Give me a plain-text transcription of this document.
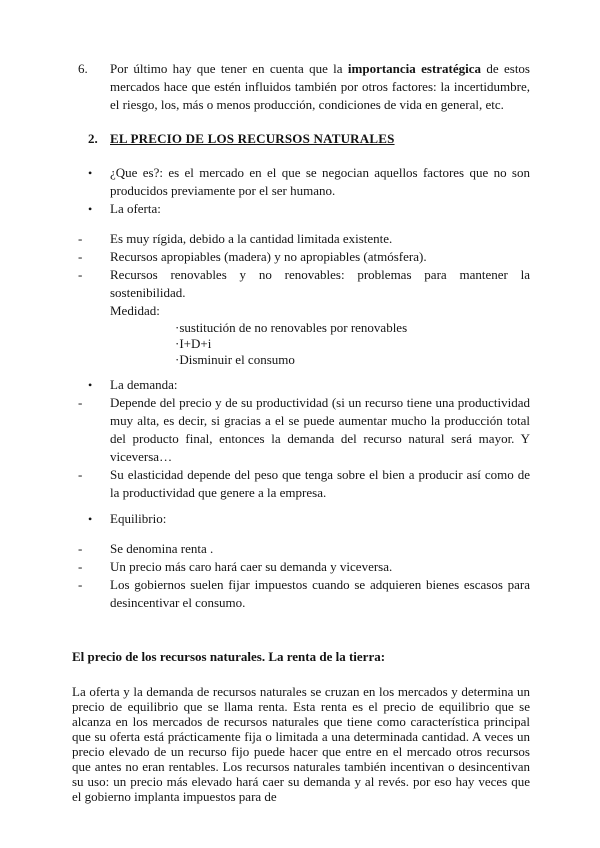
6.	Por último hay que tener en cuenta que la importancia estratégica de estos mercados hace que estén influidos también por otros factores: la incertidumbre, el riesgo, los, más o menos producción, condiciones de vida en general, etc.
2. EL PRECIO DE LOS RECURSOS NATURALES
•	¿Que es?: es el mercado en el que se negocian aquellos factores que no son producidos previamente por el ser humano.
•	La oferta:
-	Es muy rígida, debido a la cantidad limitada existente.
-	Recursos apropiables (madera) y no apropiables (atmósfera).
-	Recursos renovables y no renovables: problemas para mantener la sostenibilidad.
Medidad:
·sustitución de no renovables por renovables
·I+D+i
·Disminuir el consumo
•	La demanda:
-	Depende del precio y de su productividad (si un recurso tiene una productividad muy alta, es decir, si gracias a el se puede aumentar mucho la producción total del producto final, entonces la demanda del recurso natural será mayor. Y viceversa…
-	Su elasticidad depende del peso que tenga sobre el bien a producir así como de la productividad que genere a la empresa.
•	Equilibrio:
-	Se denomina renta .
-	Un precio más caro hará caer su demanda y viceversa.
-	Los gobiernos suelen fijar impuestos cuando se adquieren bienes escasos para desincentivar el consumo.
El precio de los recursos naturales. La renta de la tierra:
La oferta y la demanda de recursos naturales se cruzan en los mercados y determina un precio de equilibrio que se llama renta. Esta renta es el precio de equilibrio que se alcanza en los mercados de recursos naturales que tiene como característica principal que su oferta está prácticamente fija o limitada a una determinada cantidad. A veces un precio elevado de un recurso fijo puede hacer que entre en el mercado otros recursos que antes no eran rentables. Los recursos naturales también incentivan o desincentivan su uso: un precio más elevado hará caer su demanda y al revés. por eso hay veces que el gobierno implanta impuestos para de
